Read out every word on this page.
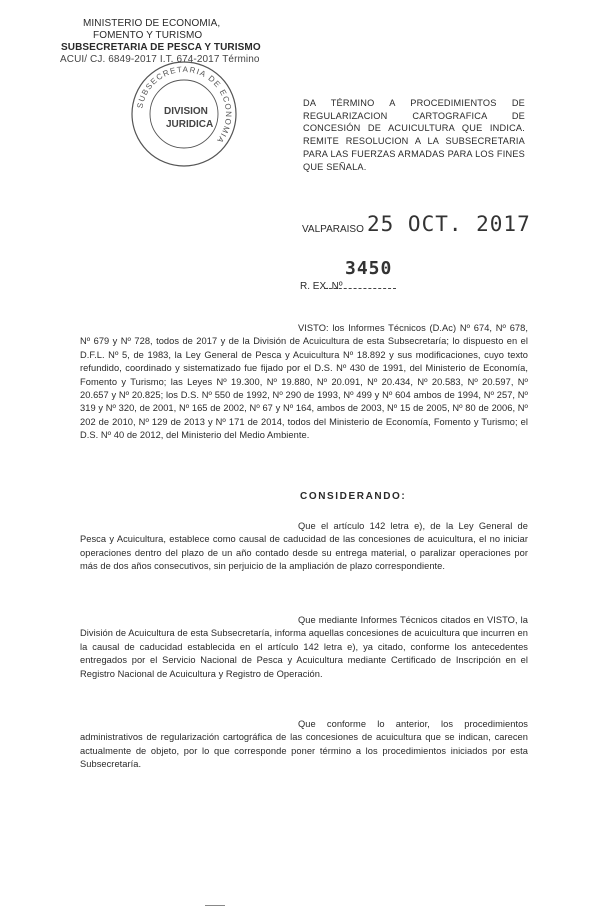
MINISTERIO DE ECONOMIA,
FOMENTO Y TURISMO
SUBSECRETARIA DE PESCA Y TURISMO
ACUI/ CJ. 6849-2017 I.T. 674-2017 Término
SUBSECRETARIA DE ECONOMIA
DIVISION
JURIDICA
DA TÉRMINO A PROCEDIMIENTOS DE REGULARIZACION CARTOGRAFICA DE CONCESIÓN DE ACUICULTURA QUE INDICA. REMITE RESOLUCION A LA SUBSECRETARIA PARA LAS FUERZAS ARMADAS PARA LOS FINES QUE SEÑALA.
VALPARAISO 25 OCT. 2017
3450
R. EX. Nº
VISTO: los Informes Técnicos (D.Ac) Nº 674, Nº 678, Nº 679 y Nº 728, todos de 2017 y de la División de Acuicultura de esta Subsecretaría; lo dispuesto en el D.F.L. Nº 5, de 1983, la Ley General de Pesca y Acuicultura Nº 18.892 y sus modificaciones, cuyo texto refundido, coordinado y sistematizado fue fijado por el D.S. Nº 430 de 1991, del Ministerio de Economía, Fomento y Turismo; las Leyes Nº 19.300, Nº 19.880, Nº 20.091, Nº 20.434, Nº 20.583, Nº 20.597, Nº 20.657 y Nº 20.825; los D.S. Nº 550 de 1992, Nº 290 de 1993, Nº 499 y Nº 604 ambos de 1994, Nº 257, Nº 319 y Nº 320, de 2001, Nº 165 de 2002, Nº 67 y Nº 164, ambos de 2003, Nº 15 de 2005, Nº 80 de 2006, Nº 202 de 2010, Nº 129 de 2013 y Nº 171 de 2014, todos del Ministerio de Economía, Fomento y Turismo; el D.S. Nº 40 de 2012, del Ministerio del Medio Ambiente.
CONSIDERANDO:
Que el artículo 142 letra e), de la Ley General de Pesca y Acuicultura, establece como causal de caducidad de las concesiones de acuicultura, el no iniciar operaciones dentro del plazo de un año contado desde su entrega material, o paralizar operaciones por más de dos años consecutivos, sin perjuicio de la ampliación de plazo correspondiente.
Que mediante Informes Técnicos citados en VISTO, la División de Acuicultura de esta Subsecretaría, informa aquellas concesiones de acuicultura que incurren en la causal de caducidad establecida en el artículo 142 letra e), ya citado, conforme los antecedentes entregados por el Servicio Nacional de Pesca y Acuicultura mediante Certificado de Inscripción en el Registro Nacional de Acuicultura y Registro de Operación.
Que conforme lo anterior, los procedimientos administrativos de regularización cartográfica de las concesiones de acuicultura que se indican, carecen actualmente de objeto, por lo que corresponde poner término a los procedimientos iniciados por esta Subsecretaría.
